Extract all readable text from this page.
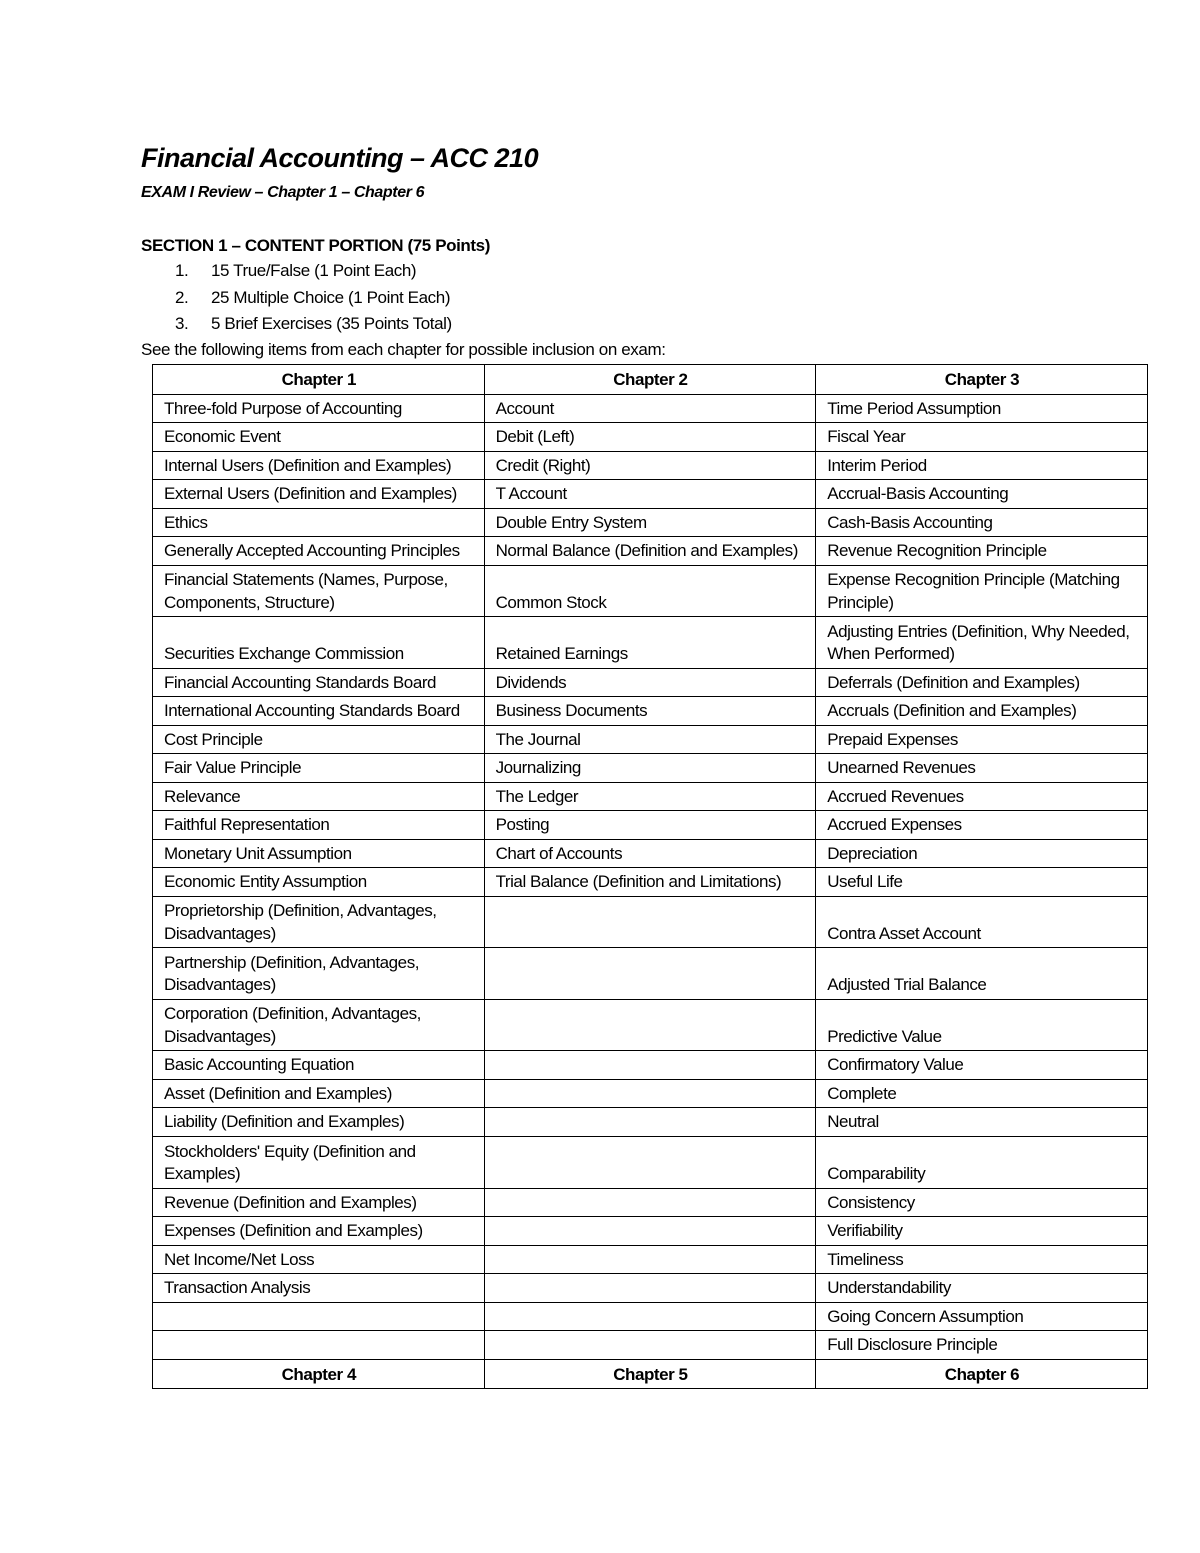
Financial Accounting – ACC 210
EXAM I Review – Chapter 1 – Chapter 6
SECTION 1 – CONTENT PORTION (75 Points)
1. 15 True/False (1 Point Each)
2. 25 Multiple Choice (1 Point Each)
3. 5 Brief Exercises (35 Points Total)
See the following items from each chapter for possible inclusion on exam:
Chapter 1	Chapter 2	Chapter 3
Three-fold Purpose of Accounting	Account	Time Period Assumption
Economic Event	Debit (Left)	Fiscal Year
Internal Users (Definition and Examples)	Credit (Right)	Interim Period
External Users (Definition and Examples)	T Account	Accrual-Basis Accounting
Ethics	Double Entry System	Cash-Basis Accounting
Generally Accepted Accounting Principles	Normal Balance (Definition and Examples)	Revenue Recognition Principle
Financial Statements (Names, Purpose, Components, Structure)	Common Stock	Expense Recognition Principle (Matching Principle)
Securities Exchange Commission	Retained Earnings	Adjusting Entries (Definition, Why Needed, When Performed)
Financial Accounting Standards Board	Dividends	Deferrals (Definition and Examples)
International Accounting Standards Board	Business Documents	Accruals (Definition and Examples)
Cost Principle	The Journal	Prepaid Expenses
Fair Value Principle	Journalizing	Unearned Revenues
Relevance	The Ledger	Accrued Revenues
Faithful Representation	Posting	Accrued Expenses
Monetary Unit Assumption	Chart of Accounts	Depreciation
Economic Entity Assumption	Trial Balance (Definition and Limitations)	Useful Life
Proprietorship (Definition, Advantages, Disadvantages)		Contra Asset Account
Partnership (Definition, Advantages, Disadvantages)		Adjusted Trial Balance
Corporation (Definition, Advantages, Disadvantages)		Predictive Value
Basic Accounting Equation		Confirmatory Value
Asset (Definition and Examples)		Complete
Liability (Definition and Examples)		Neutral
Stockholders' Equity (Definition and Examples)		Comparability
Revenue (Definition and Examples)		Consistency
Expenses (Definition and Examples)		Verifiability
Net Income/Net Loss		Timeliness
Transaction Analysis		Understandability
		Going Concern Assumption
		Full Disclosure Principle
Chapter 4	Chapter 5	Chapter 6
